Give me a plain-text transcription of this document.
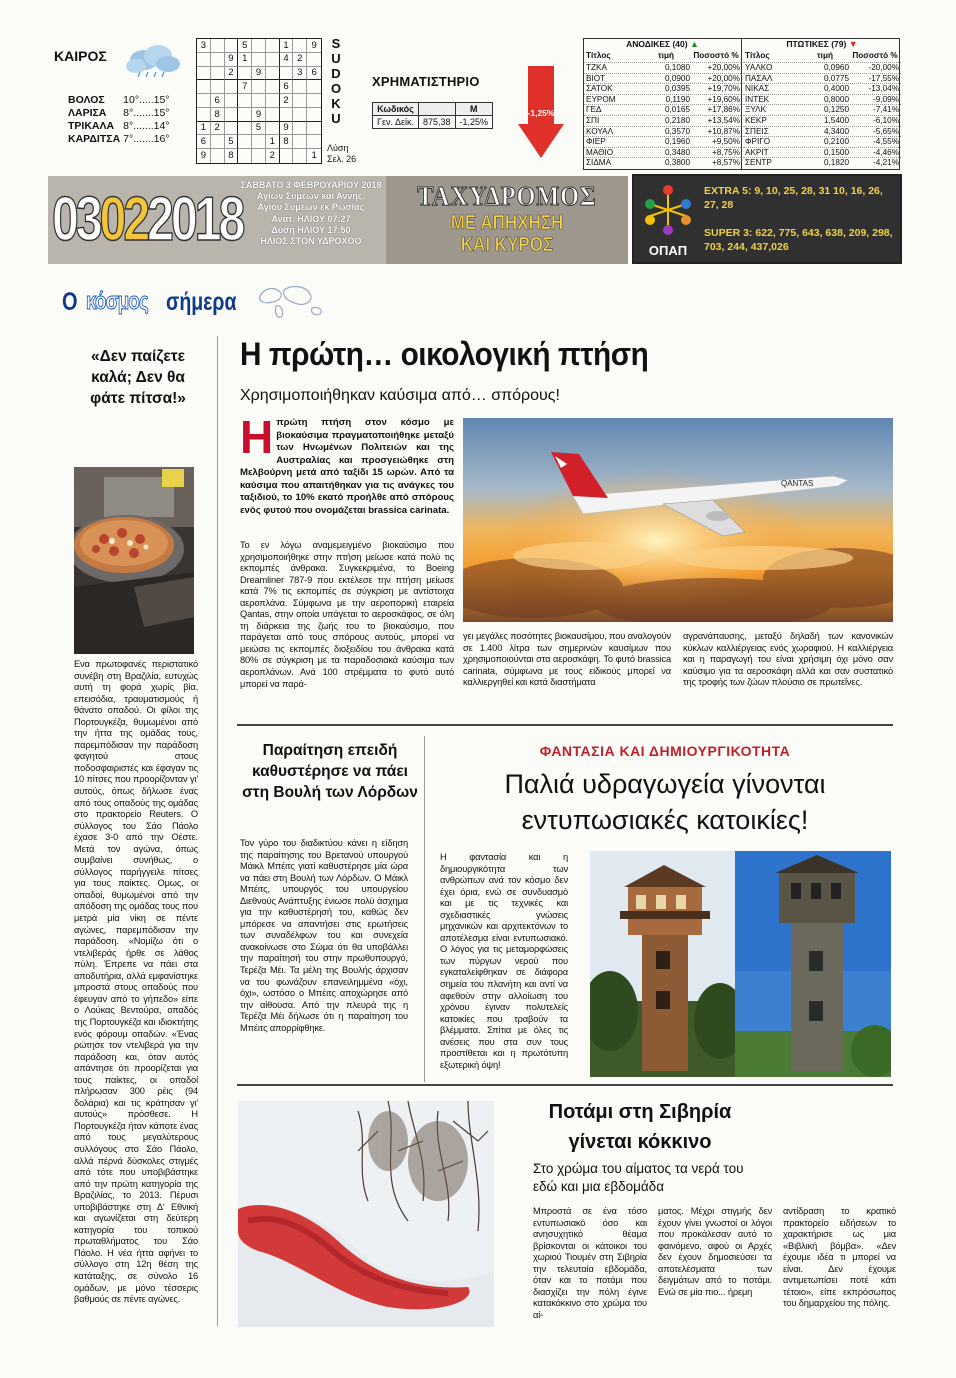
ΚΑΙΡΟΣ
ΒΟΛΟΣ	10°.....15°
ΛΑΡΙΣΑ	8°.......15°
ΤΡΙΚΑΛΑ	8°.......14°
ΚΑΡΔΙΤΣΑ	7°.......16°
3	5	1	9
9 1	4 2
2	9	3 6
7	6
6	2
8	9
1 2	5	9
6	5	1 8
9	8	2	1
S
U
D
O
K
U
Λύση
Σελ. 26
ΧΡΗΜΑΤΙΣΤΗΡΙΟ
Κωδικός		Μ
Γεν. Δείκ.	875,38	-1,25%
-1,25%
ΑΝΟΔΙΚΕΣ (40) ▲
Τίτλος	τιμή	Ποσοστό %
ΤΖΚΑ	0,1080	+20,00%
ΒΙΟΤ	0,0900	+20,00%
ΣΑΤΟΚ	0,0395	+19,70%
ΕΥΡΟΜ	0,1190	+19,60%
ΓΕΔ	0,0165	+17,86%
ΣΠΙ	0,2180	+13,54%
ΚΟΥΑΛ	0,3570	+10,87%
ΦΙΕΡ	0,1960	+9,50%
ΜΑΘΙΟ	0,3480	+8,75%
ΣΙΔΜΑ	0,3800	+8,57%
ΠΤΩΤΙΚΕΣ (79) ▼
Τίτλος	τιμή	Ποσοστό %
ΥΑΛΚΟ	0,0960	-20,00%
ΠΑΣΑΛ	0,0775	-17,55%
ΝΙΚΑΣ	0,4000	-13,04%
ΙΝΤΕΚ	0,8000	-9,09%
ΞΥΛΚ	0,1250	-7,41%
ΚΕΚΡ	1,5400	-6,10%
ΣΠΕΙΣ	4,3400	-5,65%
ΦΡΙΓΟ	0,2100	-4,55%
ΑΚΡΙΤ	0,1500	-4,46%
ΣΕΝΤΡ	0,1820	-4,21%
03022018
ΣΑΒΒΑΤΟ 3 ΦΕΒΡΟΥΑΡΙΟΥ 2018
Αγίων Συμεών και Άννης,
Αγίου Συμεών εκ Ρωσίας
Ανατ. ΗΛΙΟΥ 07:27
Δύση ΗΛΙΟΥ 17:50
ΗΛΙΟΣ ΣΤΟΝ ΥΔΡΟΧΟΟ
ΤΑΧΥΔΡΟΜΟΣ
ΜΕ ΑΠΗΧΗΣΗ
ΚΑΙ ΚΥΡΟΣ	ΟΠΑΠ
EXTRA 5: 9, 10, 25, 28, 31 10, 16, 26, 27, 28
SUPER 3: 622, 775, 643, 638, 209, 298, 703, 244, 437,026
Ο κόσμος σήμερα
«Δεν παίζετε καλά; Δεν θα φάτε πίτσα!»
Ενα πρωτοφανές περιστατικό συνέβη στη Βραζιλία, ευτυχώς αυτή τη φορά χωρίς βία, επεισόδια, τραυματισμούς ή θάνατο οπαδού. Οι φίλοι της Πορτουγκέζα, θυμωμένοι από την ήττα της ομάδας τους, παρεμπόδισαν την παράδοση φαγητού στους ποδοσφαιριστές και έφαγαν τις 10 πίτσες που προορίζονταν γι' αυτούς, όπως δήλωσε ένας από τους οπαδούς της ομάδας στο πρακτορείο Reuters. Ο σύλλογος του Σάο Πάολο έχασε 3-0 από την Οέστε. Μετά τον αγώνα, όπως συμβαίνει συνήθως, ο σύλλογος παρήγγειλε πίτσες για τους παίκτες. Ομως, οι οπαδοί, θυμωμένοι από την απόδοση της ομάδας τους που μετρά μία νίκη σε πέντε αγώνες, παρεμπόδισαν την παράδοση. «Νομίζω ότι ο ντελιβεράς ήρθε σε λάθος πύλη. Έπρεπε να πάει στα αποδυτήρια, αλλά εμφανίστηκε μπροστά στους οπαδούς που έφευγαν από το γήπεδο» είπε ο Λούκας Βεντούρα, οπαδός της Πορτουγκέζα και ιδιοκτήτης ενός φόρουμ οπαδών. «Ένας ρώτησε τον ντελιβερά για την παράδοση και, όταν αυτός απάντησε ότι προορίζεται για τους παίκτες, οι οπαδοί πλήρωσαν 300 ρέις (94 δολάρια) και τις κράτησαν γι' αυτούς» πρόσθεσε. Η Πορτουγκέζα ήταν κάποτε ένας από τους μεγαλύτερους συλλόγους στο Σάο Πάολο, αλλά πέρνά δύσκολες στιγμές από τότε που υποβιβάστηκε από την πρώτη κατηγορία της Βραζιλίας, το 2013. Πέρυσι υποβιβάστηκε στη Δ' Εθνική και αγωνίζεται στη δεύτερη κατηγορία του τοπικού πρωταθλήματος του Σάο Πάολο. Η νέα ήττα αφήνει το σύλλογο στη 12η θέση της κατάταξης, σε σύνολο 16 ομάδων, με μόνο τέσσερις βαθμούς σε πέντε αγώνες.
Η πρώτη… οικολογική πτήση
Χρησιμοποιήθηκαν καύσιμα από… σπόρους!
Η πρώτη πτήση στον κόσμο με βιοκαύσιμα πραγματοποιήθηκε μεταξύ των Ηνωμένων Πολιτειών και της Αυστραλίας και προσγειώθηκε στη Μελβούρνη μετά από ταξίδι 15 ωρών. Από τα καύσιμα που απαιτήθηκαν για τις ανάγκες του ταξιδιού, το 10% εκατό προήλθε από σπόρους ενός φυτού που ονομάζεται brassica carinata.
QANTAS
Το εν λόγω αναμεμειγμένο βιοκαύσιμο που χρησιμοποιήθηκε στην πτήση μείωσε κατά πολύ τις εκπομπές άνθρακα. Συγκεκριμένα, το Boeing Dreamliner 787-9 που εκτέλεσε την πτήση μείωσε κατά 7% τις εκπομπές σε σύγκριση με αντίστοιχα αεροπλάνα. Σύμφωνα με την αεροπορική εταιρεία Qantas, στην οποία υπάγεται το αεροσκάφος, σε όλη τη διάρκεια της ζωής του το βιοκαύσιμο, που παράγεται από τους σπόρους αυτούς, μπορεί να μειώσει τις εκπομπές διοξειδίου του άνθρακα κατά 80% σε σύγκριση με τα παραδοσιακά καύσιμα των αεροπλάνων. Ανά 100 στρέμματα το φυτό αυτό μπορεί να παρά-
γει μεγάλες ποσότητες βιοκαυσίμου, που αναλογούν σε 1.400 λίτρα των σημερινών καυσίμων που χρησιμοποιούνται στα αεροσκάφη. Το φυτό brassica carinata, σύμφωνα με τους ειδικούς μπορεί να καλλιεργηθεί και κατά διαστήματα
αγρανάπαυσης, μεταξύ δηλαδή των κανονικών κύκλων καλλιέργειας ενός χωραφιού. Η καλλιέργεια και η παραγωγή του είναι χρήσιμη όχι μόνο σαν καύσιμο για τα αεροσκάφη αλλά και σαν συστατικό της τροφής των ζώων πλούσιο σε πρωτεΐνες.
Παραίτηση επειδή καθυστέρησε να πάει στη Βουλή των Λόρδων
Τον γύρο του διαδικτύου κάνει η είδηση της παραίτησης του Βρετανού υπουργού Μάικλ Μπέιτς γιατί καθυστέρησε μία ώρα να πάει στη Βουλή των Λόρδων. Ο Μάικλ Μπέιτς, υπουργός του υπουργείου Διεθνούς Ανάπτυξης ένιωσε πολύ άσχημα για την καθυστέρησή του, καθώς δεν μπόρεσε να απαντήσει στις ερωτήσεις των συναδέλφων του και συνεχεία ανακοίνωσε στο Σώμα ότι θα υποβάλλει την παραίτησή του στην πρωθυπουργό, Τερέζα Μέι. Τα μέλη της Βουλής άρχισαν να του φωνάζουν επανειλημμένα «όχι, όχι», ωστόσο ο Μπέιτς αποχώρησε από την αίθουσα. Από την πλευρά της η Τερέζα Μέι δήλωσε ότι η παραίτηση του Μπέιτς απορρίφθηκε.
ΦΑΝΤΑΣΙΑ ΚΑΙ ΔΗΜΙΟΥΡΓΙΚΟΤΗΤΑ
Παλιά υδραγωγεία γίνονται εντυπωσιακές κατοικίες!
Η φαντασία και η δημιουργικότητα των ανθρώπων ανά τον κόσμο δεν έχει όρια, ενώ σε συνδυασμό και με τις τεχνικές και σχεδιαστικές γνώσεις μηχανικών και αρχιτεκτόνων το αποτέλεσμα είναι εντυπωσιακό. Ο λόγος για τις μεταμορφώσεις των πύργων νερού που εγκαταλείφθηκαν σε διάφορα σημεία του πλανήτη και αντί να αφεθούν στην αλλοίωση του χρόνου έγιναν πολυτελείς κατοικίες που τραβούν τα βλέμματα. Σπίτια με όλες τις ανέσεις που στα συν τους προστίθεται και η πρωτότυπη εξωτερική όψη!
Ποτάμι στη Σιβηρία γίνεται κόκκινο
Στο χρώμα του αίματος τα νερά του εδώ και μια εβδομάδα
Μπροστά σε ένα τόσο εντυπωσιακό όσο και ανησυχητικό θέαμα βρίσκονται οι κάτοικοι του χωριού Τιουμέν στη Σιβηρία την τελευταία εβδομάδα, όταν και το ποτάμι που διασχίζει την πόλη έγινε κατακόκκινο στο χρώμα του αί-
ματος. Μέχρι στιγμής δεν έχουν γίνει γνωστοί οι λόγοι που προκάλεσαν αυτό το φαινόμενο, αφού οι Αρχές δεν έχουν δημοσιεύσει τα αποτελέσματα των δειγμάτων από το ποτάμι. Ενώ σε μία πιο... ήρεμη
αντίδραση το κρατικό πρακτορείο ειδήσεων το χαρακτήρισε ως μια «Βιβλική βόμβα». «Δεν έχουμε ιδέα τι μπορεί να είναι. Δεν έχουμε αντιμετωπίσει ποτέ κάτι τέτοιο», είπε εκπρόσωπος του δημαρχείου της πόλης.
